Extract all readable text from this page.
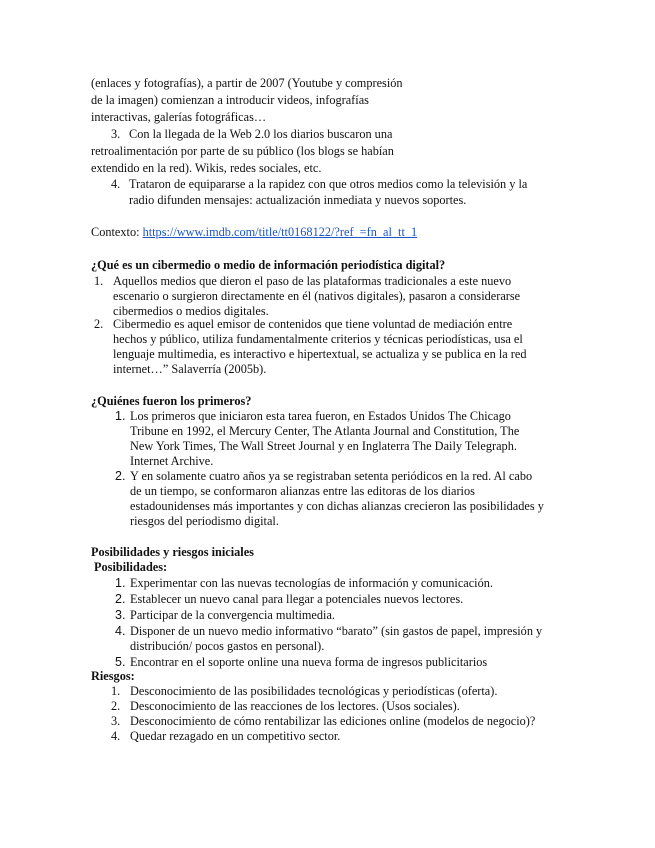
(enlaces y fotografías), a partir de 2007 (Youtube y compresión
de la imagen) comienzan a introducir videos, infografías
interactivas, galerías fotográficas…
3. Con la llegada de la Web 2.0 los diarios buscaron una
retroalimentación por parte de su público (los blogs se habían
extendido en la red). Wikis, redes sociales, etc.
4. Trataron de equipararse a la rapidez con que otros medios como la televisión y la
radio difunden mensajes: actualización inmediata y nuevos soportes.
Contexto: https://www.imdb.com/title/tt0168122/?ref_=fn_al_tt_1
¿Qué es un cibermedio o medio de información periodística digital?
1. Aquellos medios que dieron el paso de las plataformas tradicionales a este nuevo
escenario o surgieron directamente en él (nativos digitales), pasaron a considerarse
cibermedios o medios digitales.
2. Cibermedio es aquel emisor de contenidos que tiene voluntad de mediación entre
hechos y público, utiliza fundamentalmente criterios y técnicas periodísticas, usa el
lenguaje multimedia, es interactivo e hipertextual, se actualiza y se publica en la red
internet…” Salaverría (2005b).
¿Quiénes fueron los primeros?
1. Los primeros que iniciaron esta tarea fueron, en Estados Unidos The Chicago
Tribune en 1992, el Mercury Center, The Atlanta Journal and Constitution, The
New York Times, The Wall Street Journal y en Inglaterra The Daily Telegraph.
Internet Archive.
2. Y en solamente cuatro años ya se registraban setenta periódicos en la red. Al cabo
de un tiempo, se conformaron alianzas entre las editoras de los diarios
estadounidenses más importantes y con dichas alianzas crecieron las posibilidades y
riesgos del periodismo digital.
Posibilidades y riesgos iniciales
Posibilidades:
1. Experimentar con las nuevas tecnologías de información y comunicación.
2. Establecer un nuevo canal para llegar a potenciales nuevos lectores.
3. Participar de la convergencia multimedia.
4. Disponer de un nuevo medio informativo “barato” (sin gastos de papel, impresión y
distribución/ pocos gastos en personal).
5. Encontrar en el soporte online una nueva forma de ingresos publicitarios
Riesgos:
1. Desconocimiento de las posibilidades tecnológicas y periodísticas (oferta).
2. Desconocimiento de las reacciones de los lectores. (Usos sociales).
3. Desconocimiento de cómo rentabilizar las ediciones online (modelos de negocio)?
4. Quedar rezagado en un competitivo sector.
